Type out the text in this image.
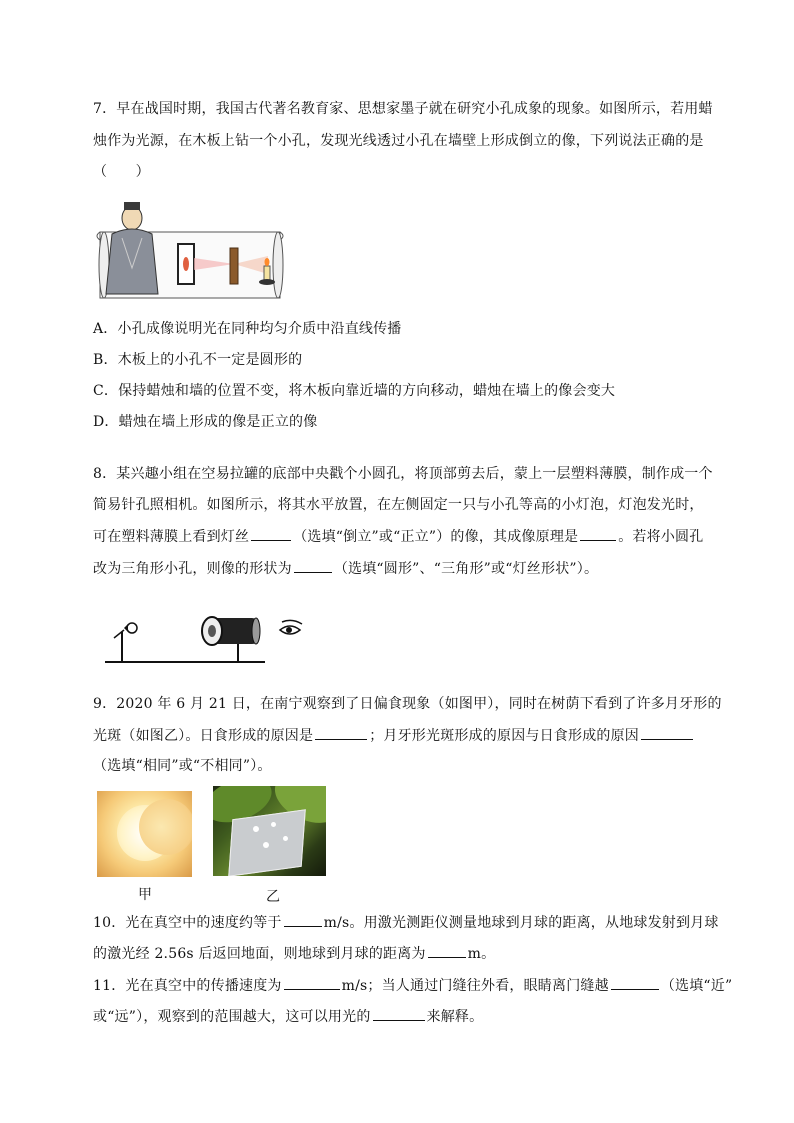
7．早在战国时期，我国古代著名教育家、思想家墨子就在研究小孔成象的现象。如图所示，若用蜡
烛作为光源，在木板上钻一个小孔，发现光线透过小孔在墙壁上形成倒立的像，下列说法正确的是
（　　）
A．小孔成像说明光在同种均匀介质中沿直线传播
B．木板上的小孔不一定是圆形的
C．保持蜡烛和墙的位置不变，将木板向靠近墙的方向移动，蜡烛在墙上的像会变大
D．蜡烛在墙上形成的像是正立的像
8．某兴趣小组在空易拉罐的底部中央戳个小圆孔，将顶部剪去后，蒙上一层塑料薄膜，制作成一个
简易针孔照相机。如图所示，将其水平放置，在左侧固定一只与小孔等高的小灯泡，灯泡发光时，
可在塑料薄膜上看到灯丝	（选填“倒立”或“正立”）的像，其成像原理是	。若将小圆孔
改为三角形小孔，则像的形状为	（选填“圆形”、“三角形”或“灯丝形状”）。
9．2020 年 6 月 21 日，在南宁观察到了日偏食现象（如图甲），同时在树荫下看到了许多月牙形的
光斑（如图乙）。日食形成的原因是	；月牙形光斑形成的原因与日食形成的原因
（选填“相同”或“不相同”）。
甲	乙
10．光在真空中的速度约等于	m/s。用激光测距仪测量地球到月球的距离，从地球发射到月球
的激光经 2.56s 后返回地面，则地球到月球的距离为	m。
11．光在真空中的传播速度为	m/s；当人通过门缝往外看，眼睛离门缝越	（选填“近”
或“远”），观察到的范围越大，这可以用光的	来解释。
